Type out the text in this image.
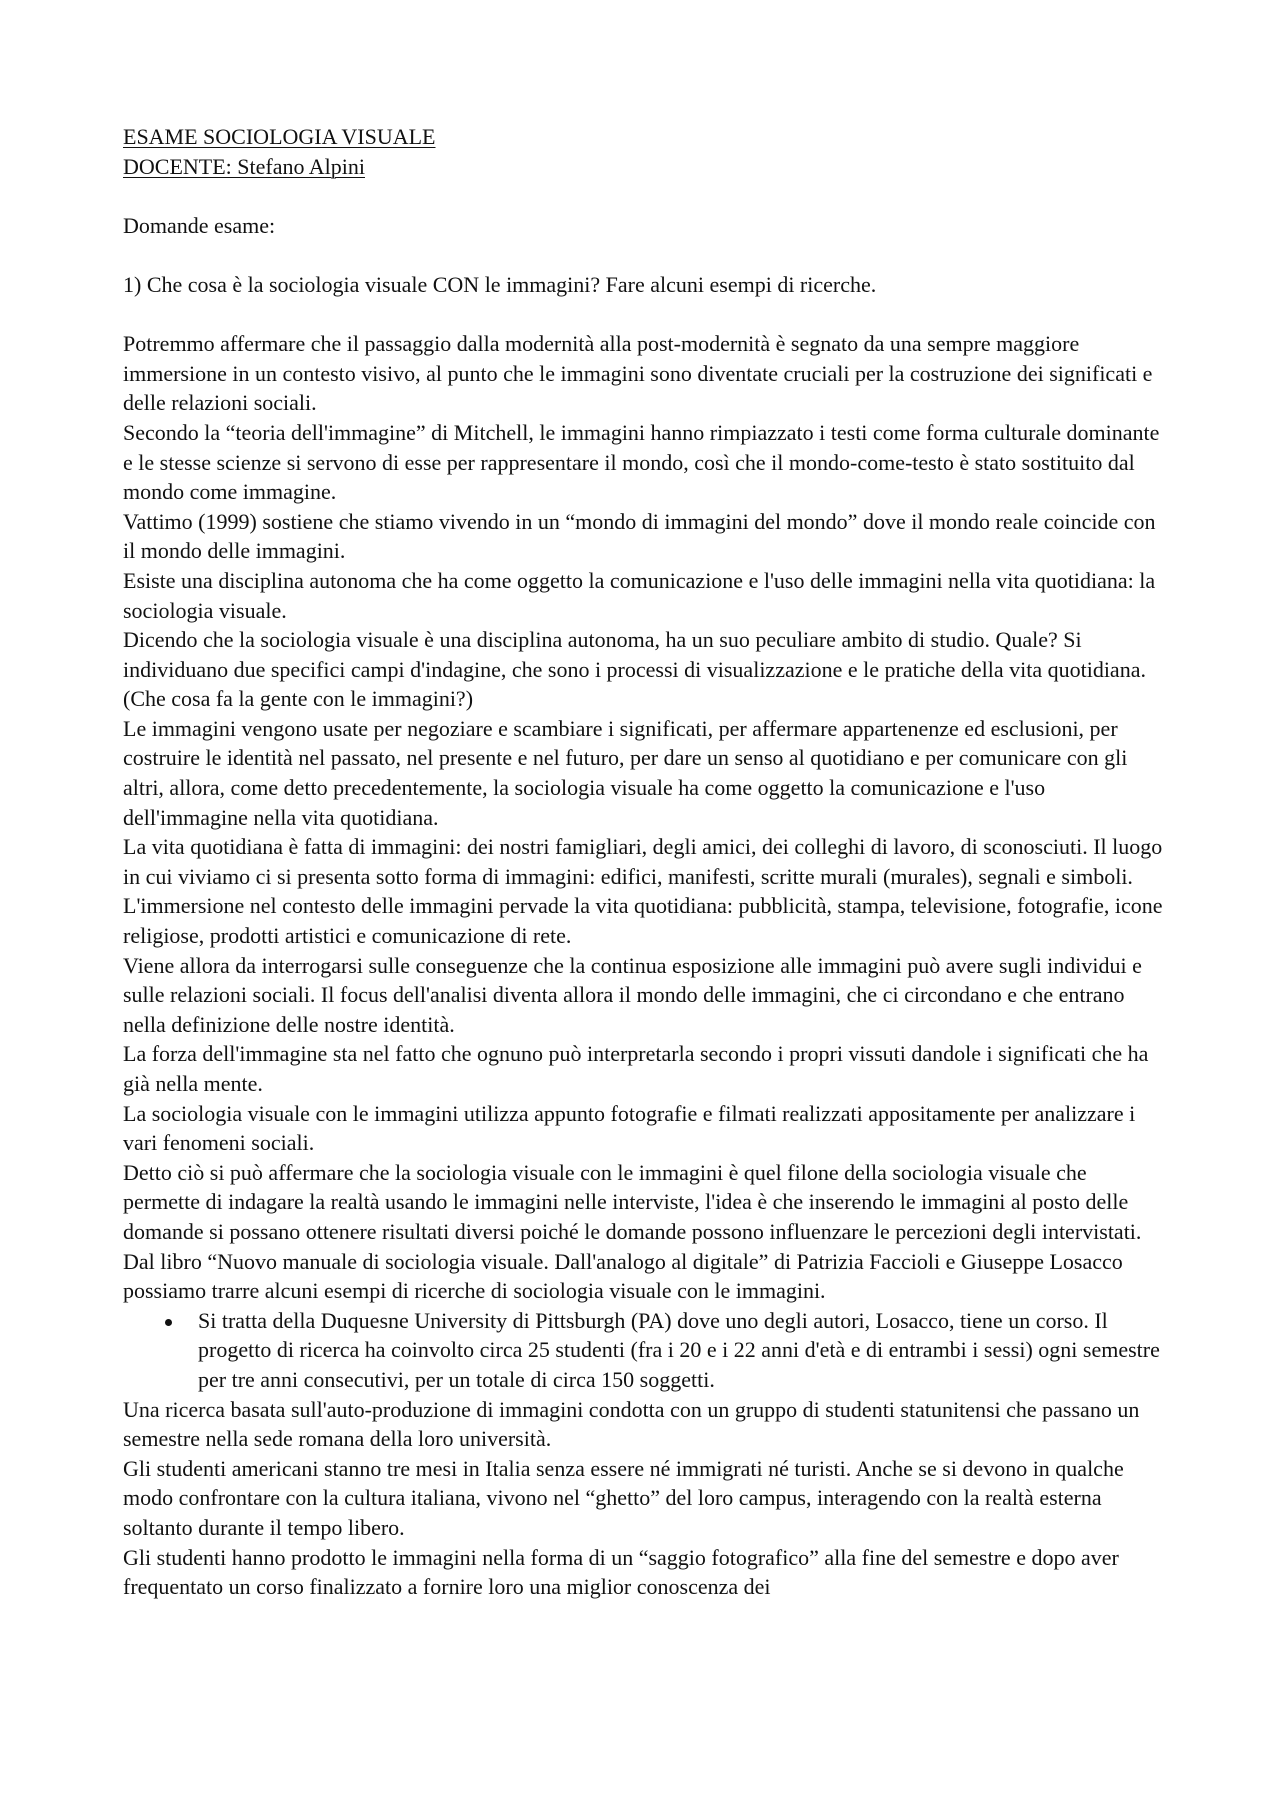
ESAME SOCIOLOGIA VISUALE

DOCENTE: Stefano Alpini

Domande esame:

1) Che cosa è la sociologia visuale CON le immagini? Fare alcuni esempi di ricerche.

Potremmo affermare che il passaggio dalla modernità alla post-modernità è segnato da una sempre maggiore immersione in un contesto visivo, al punto che le immagini sono diventate cruciali per la costruzione dei significati e delle relazioni sociali.

Secondo la “teoria dell'immagine” di Mitchell, le immagini hanno rimpiazzato i testi come forma culturale dominante e le stesse scienze si servono di esse per rappresentare il mondo, così che il mondo-come-testo è stato sostituito dal mondo come immagine.

Vattimo (1999) sostiene che stiamo vivendo in un “mondo di immagini del mondo” dove il mondo reale coincide con il mondo delle immagini.

Esiste una disciplina autonoma che ha come oggetto la comunicazione e l'uso delle immagini nella vita quotidiana: la sociologia visuale.

Dicendo che la sociologia visuale è una disciplina autonoma, ha un suo peculiare ambito di studio. Quale? Si individuano due specifici campi d'indagine, che sono i processi di visualizzazione e le pratiche della vita quotidiana. (Che cosa fa la gente con le immagini?)

Le immagini vengono usate per negoziare e scambiare i significati, per affermare appartenenze ed esclusioni, per costruire le identità nel passato, nel presente e nel futuro, per dare un senso al quotidiano e per comunicare con gli altri, allora, come detto precedentemente, la sociologia visuale ha come oggetto la comunicazione e l'uso dell'immagine nella vita quotidiana.

La vita quotidiana è fatta di immagini: dei nostri famigliari, degli amici, dei colleghi di lavoro, di sconosciuti. Il luogo in cui viviamo ci si presenta sotto forma di immagini: edifici, manifesti, scritte murali (murales), segnali e simboli. L'immersione nel contesto delle immagini pervade la vita quotidiana: pubblicità, stampa, televisione, fotografie, icone religiose, prodotti artistici e comunicazione di rete.

Viene allora da interrogarsi sulle conseguenze che la continua esposizione alle immagini può avere sugli individui e sulle relazioni sociali. Il focus dell'analisi diventa allora il mondo delle immagini, che ci circondano e che entrano nella definizione delle nostre identità.

La forza dell'immagine sta nel fatto che ognuno può interpretarla secondo i propri vissuti dandole i significati che ha già nella mente.

La sociologia visuale con le immagini utilizza appunto fotografie e filmati realizzati appositamente per analizzare i vari fenomeni sociali.

Detto ciò si può affermare che la sociologia visuale con le immagini è quel filone della sociologia visuale che permette di indagare la realtà usando le immagini nelle interviste, l'idea è che inserendo le immagini al posto delle domande si possano ottenere risultati diversi poiché le domande possono influenzare le percezioni degli intervistati.

Dal libro “Nuovo manuale di sociologia visuale. Dall'analogo al digitale” di Patrizia Faccioli e Giuseppe Losacco possiamo trarre alcuni esempi di ricerche di sociologia visuale con le immagini.

Si tratta della Duquesne University di Pittsburgh (PA) dove uno degli autori, Losacco, tiene un corso. Il progetto di ricerca ha coinvolto circa 25 studenti (fra i 20 e i 22 anni d'età e di entrambi i sessi) ogni semestre per tre anni consecutivi, per un totale di circa 150 soggetti.

Una ricerca basata sull'auto-produzione di immagini condotta con un gruppo di studenti statunitensi che passano un semestre nella sede romana della loro università.

Gli studenti americani stanno tre mesi in Italia senza essere né immigrati né turisti. Anche se si devono in qualche modo confrontare con la cultura italiana, vivono nel “ghetto” del loro campus, interagendo con la realtà esterna soltanto durante il tempo libero.

Gli studenti hanno prodotto le immagini nella forma di un “saggio fotografico” alla fine del semestre e dopo aver frequentato un corso finalizzato a fornire loro una miglior conoscenza dei
